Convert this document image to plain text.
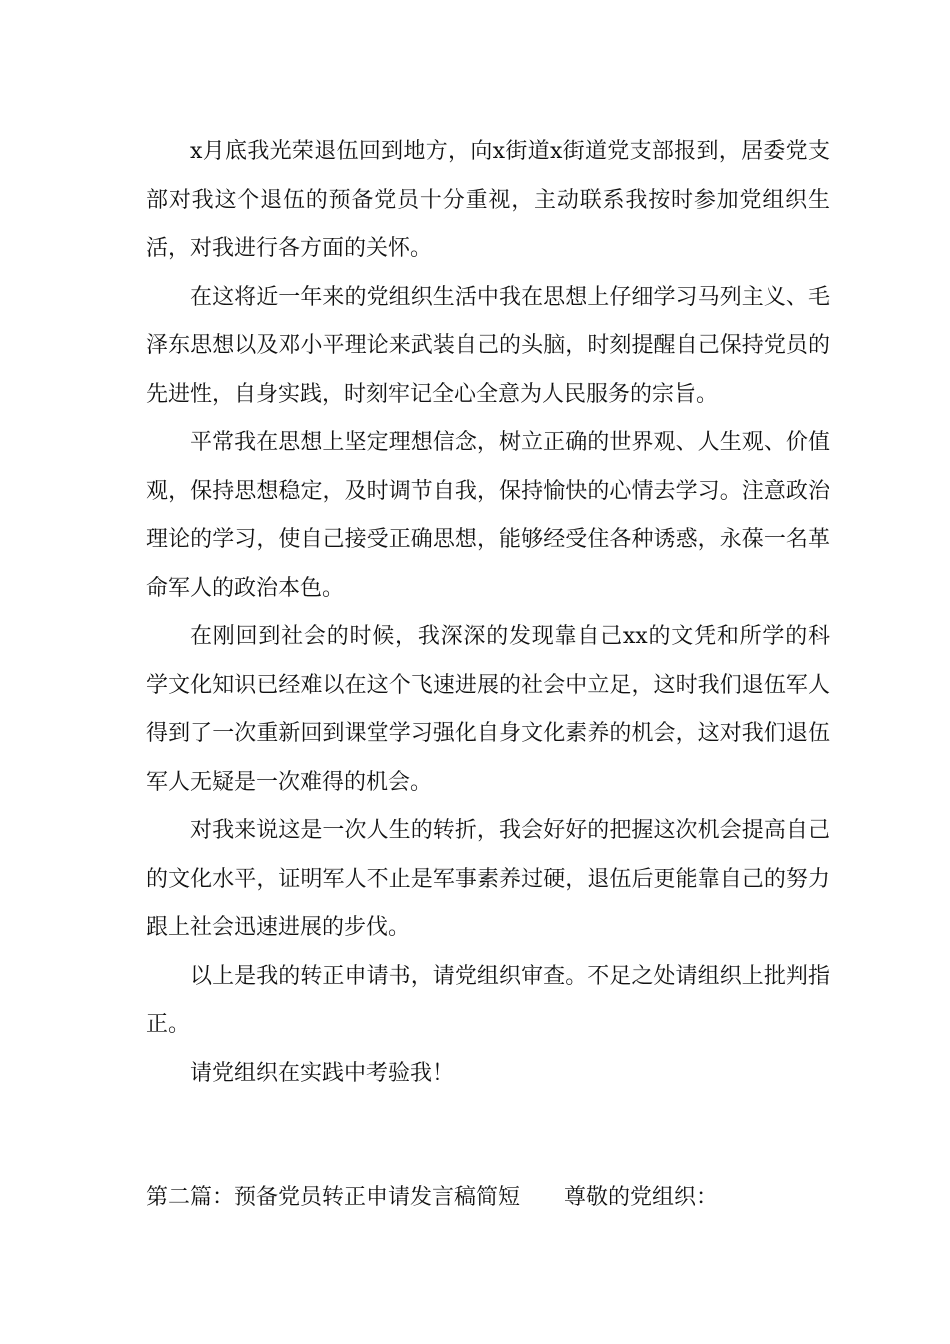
x月底我光荣退伍回到地方，向x街道x街道党支部报到，居委党支部对我这个退伍的预备党员十分重视，主动联系我按时参加党组织生活，对我进行各方面的关怀。

在这将近一年来的党组织生活中我在思想上仔细学习马列主义、毛泽东思想以及邓小平理论来武装自己的头脑，时刻提醒自己保持党员的先进性，自身实践，时刻牢记全心全意为人民服务的宗旨。

平常我在思想上坚定理想信念，树立正确的世界观、人生观、价值观，保持思想稳定，及时调节自我，保持愉快的心情去学习。注意政治理论的学习，使自己接受正确思想，能够经受住各种诱惑，永葆一名革命军人的政治本色。

在刚回到社会的时候，我深深的发现靠自己xx的文凭和所学的科学文化知识已经难以在这个飞速进展的社会中立足，这时我们退伍军人得到了一次重新回到课堂学习强化自身文化素养的机会，这对我们退伍军人无疑是一次难得的机会。

对我来说这是一次人生的转折，我会好好的把握这次机会提高自己的文化水平，证明军人不止是军事素养过硬，退伍后更能靠自己的努力跟上社会迅速进展的步伐。

以上是我的转正申请书，请党组织审查。不足之处请组织上批判指正。

请党组织在实践中考验我！

第二篇：预备党员转正申请发言稿简短 尊敬的党组织：
